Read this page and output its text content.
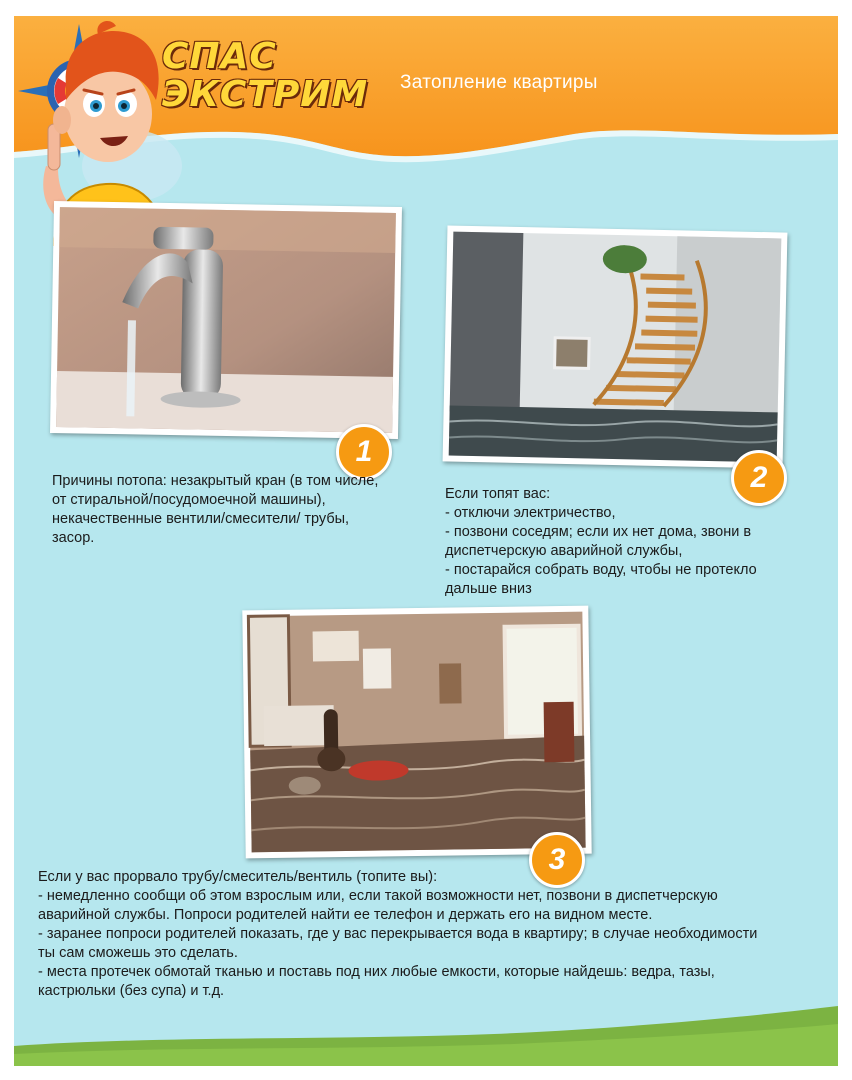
СПАС
ЭКСТРИМ Затопление квартиры
1
Причины потопа: незакрытый кран (в том числе,
от стиральной/посудомоечной машины),
некачественные вентили/смесители/ трубы,
засор.
2
Если топят вас:
- отключи электричество,
- позвони соседям; если их нет дома, звони в
диспетчерскую аварийной службы,
- постарайся собрать воду, чтобы не протекло
дальше вниз
3
Если у вас прорвало трубу/смеситель/вентиль (топите вы):
- немедленно сообщи об этом взрослым или, если такой возможности нет, позвони в диспетчерскую
аварийной службы. Попроси родителей найти ее телефон и держать его на видном месте.
- заранее попроси родителей показать, где у вас перекрывается вода в квартиру; в случае необходимости
ты сам сможешь это сделать.
- места протечек обмотай тканью и поставь под них любые емкости, которые найдешь: ведра, тазы,
кастрюльки (без супа) и т.д.
